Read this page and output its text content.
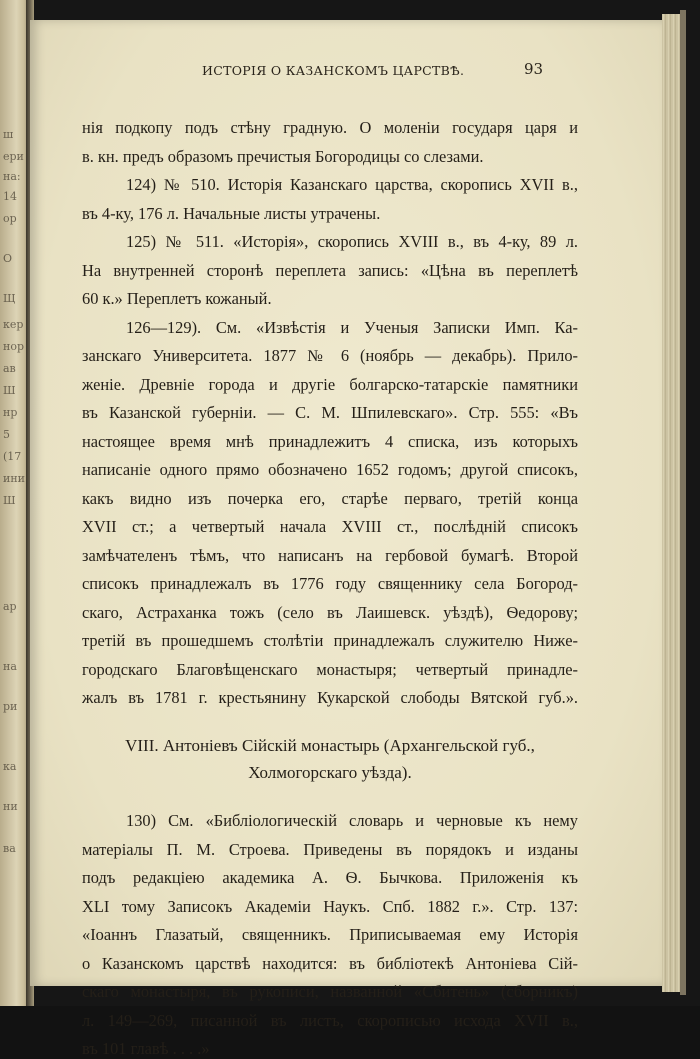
ш
ери
на:
14
ор
О
Щ
кер
нор
ав
Ш
нр
5
(17
ини
Ш
ар
на
ри
ка
ни
ва
ИСТОРІЯ О КАЗАНСКОМЪ ЦАРСТВѢ.	93
нія подкопу подъ стѣну градную. О моленіи государя царя и
в. кн. предъ образомъ пречистыя Богородицы со слезами.
124) № 510. Исторія Казанскаго царства, скоропись XVII в.,
въ 4-ку, 176 л. Начальные листы утрачены.
125) № 511. «Исторія», скоропись XVIII в., въ 4-ку, 89 л.
На внутренней сторонѣ переплета запись: «Цѣна въ переплетѣ
60 к.» Переплетъ кожаный.
126—129). См. «Извѣстія и Ученыя Записки Имп. Ка-
занскаго Университета. 1877 № 6 (ноябрь — декабрь). Прило-
женіе. Древніе города и другіе болгарско-татарскіе памятники
въ Казанской губерніи. — С. М. Шпилевскаго». Стр. 555: «Въ
настоящее время мнѣ принадлежитъ 4 списка, изъ которыхъ
написаніе одного прямо обозначено 1652 годомъ; другой списокъ,
какъ видно изъ почерка его, старѣе перваго, третій конца
XVII ст.; а четвертый начала XVIII ст., послѣдній списокъ
замѣчателенъ тѣмъ, что написанъ на гербовой бумагѣ. Второй
списокъ принадлежалъ въ 1776 году священнику села Богород-
скаго, Астраханка тожъ (село въ Лаишевск. уѣздѣ), Ѳедорову;
третій въ прошедшемъ столѣтіи принадлежалъ служителю Нижe-
городскаго Благовѣщенскаго монастыря; четвертый принадле-
жалъ въ 1781 г. крестьянину Кукарской слободы Вятской губ.».
VIII. Антоніевъ Сійскій монастырь (Архангельской губ.,
Холмогорскаго уѣзда).
130) См. «Библіологическій словарь и черновые къ нему
матеріалы П. М. Строева. Приведены въ порядокъ и изданы
подъ редакціею академика А. Ѳ. Бычкова. Приложенія къ
XLI тому Записокъ Академіи Наукъ. Спб. 1882 г.». Стр. 137:
«Іоаннъ Глазатый, священникъ. Приписываемая ему Исторія
о Казанскомъ царствѣ находится: въ библіотекѣ Антоніева Сій-
скаго монастыря, въ рукописи, названной «Сбитень» (сборникъ)
л. 149—269, писанной въ листъ, скорописью исхода XVII в.,
въ 101 главѣ . . . .»
